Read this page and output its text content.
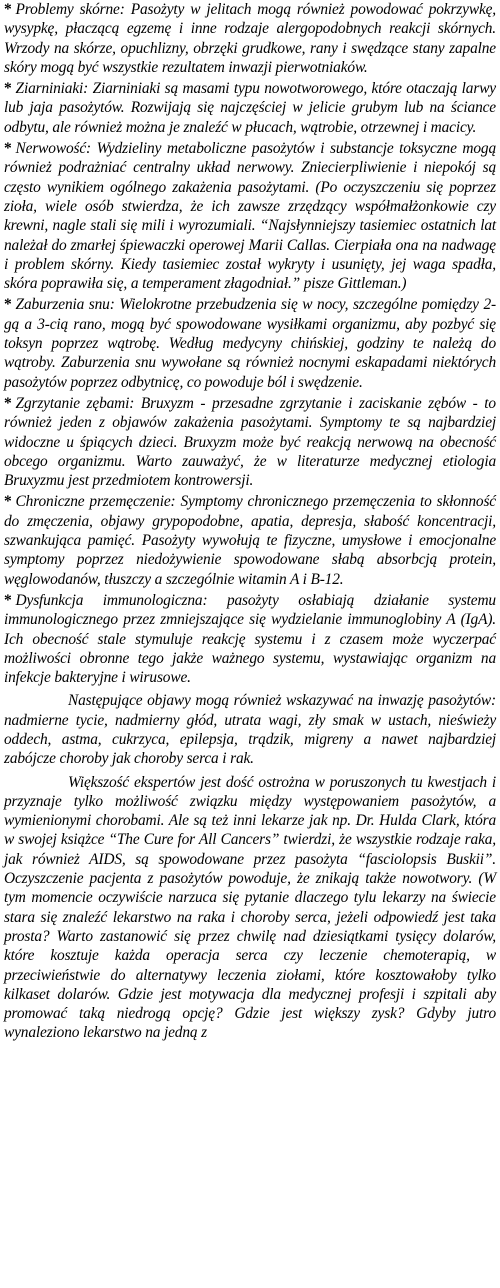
* Problemy skórne: Pasożyty w jelitach mogą również powodować pokrzywkę, wysypkę, płaczącą egzemę i inne rodzaje alergopodobnych reakcji skórnych. Wrzody na skórze, opuchlizny, obrzęki grudkowe, rany i swędzące stany zapalne skóry mogą być wszystkie rezultatem inwazji pierwotniaków.
* Ziarniniaki: Ziarniniaki są masami typu nowotworowego, które otaczają larwy lub jaja pasożytów. Rozwijają się najczęściej w jelicie grubym lub na ściance odbytu, ale również można je znaleźć w płucach, wątrobie, otrzewnej i macicy.
* Nerwowość: Wydzieliny metaboliczne pasożytów i substancje toksyczne mogą również podrażniać centralny układ nerwowy. Zniecierpliwienie i niepokój są często wynikiem ogólnego zakażenia pasożytami. (Po oczyszczeniu się poprzez zioła, wiele osób stwierdza, że ich zawsze zrzędzący współmałżonkowie czy krewni, nagle stali się mili i wyrozumiali. “Najsłynniejszy tasiemiec ostatnich lat należał do zmarłej śpiewaczki operowej Marii Callas. Cierpiała ona na nadwagę i problem skórny. Kiedy tasiemiec został wykryty i usunięty, jej waga spadła, skóra poprawiła się, a temperament złagodniał.” pisze Gittleman.)
* Zaburzenia snu: Wielokrotne przebudzenia się w nocy, szczególne pomiędzy 2-gą a 3-cią rano, mogą być spowodowane wysiłkami organizmu, aby pozbyć się toksyn poprzez wątrobę. Według medycyny chińskiej, godziny te należą do wątroby. Zaburzenia snu wywołane są również nocnymi eskapadami niektórych pasożytów poprzez odbytnicę, co powoduje ból i swędzenie.
* Zgrzytanie zębami: Bruxyzm - przesadne zgrzytanie i zaciskanie zębów - to również jeden z objawów zakażenia pasożytami. Symptomy te są najbardziej widoczne u śpiących dzieci. Bruxyzm może być reakcją nerwową na obecność obcego organizmu. Warto zauważyć, że w literaturze medycznej etiologia Bruxyzmu jest przedmiotem kontrowersji.
* Chroniczne przemęczenie: Symptomy chronicznego przemęczenia to skłonność do zmęczenia, objawy grypopodobne, apatia, depresja, słabość koncentracji, szwankująca pamięć. Pasożyty wywołują te fizyczne, umysłowe i emocjonalne symptomy poprzez niedożywienie spowodowane słabą absorbcją protein, węglowodanów, tłuszczy a szczególnie witamin A i B-12.
* Dysfunkcja immunologiczna: pasożyty osłabiają działanie systemu immunologicznego przez zmniejszające się wydzielanie immunoglobiny A (IgA). Ich obecność stale stymuluje reakcję systemu i z czasem może wyczerpać możliwości obronne tego jakże ważnego systemu, wystawiając organizm na infekcje bakteryjne i wirusowe.

Następujące objawy mogą również wskazywać na inwazję pasożytów: nadmierne tycie, nadmierny głód, utrata wagi, zły smak w ustach, nieświeży oddech, astma, cukrzyca, epilepsja, trądzik, migreny a nawet najbardziej zabójcze choroby jak choroby serca i rak.

Większość ekspertów jest dość ostrożna w poruszonych tu kwestjach i przyznaje tylko możliwość związku między występowaniem pasożytów, a wymienionymi chorobami. Ale są też inni lekarze jak np. Dr. Hulda Clark, która w swojej książce “The Cure for All Cancers” twierdzi, że wszystkie rodzaje raka, jak również AIDS, są spowodowane przez pasożyta “fasciolopsis Buskii”. Oczyszczenie pacjenta z pasożytów powoduje, że znikają także nowotwory. (W tym momencie oczywiście narzuca się pytanie dlaczego tylu lekarzy na świecie stara się znaleźć lekarstwo na raka i choroby serca, jeżeli odpowiedź jest taka prosta? Warto zastanowić się przez chwilę nad dziesiątkami tysięcy dolarów, które kosztuje każda operacja serca czy leczenie chemoterapią, w przeciwieństwie do alternatywy leczenia ziołami, które kosztowałoby tylko kilkaset dolarów. Gdzie jest motywacja dla medycznej profesji i szpitali aby promować taką niedrogą opcję? Gdzie jest większy zysk? Gdyby jutro wynaleziono lekarstwo na jedną z
